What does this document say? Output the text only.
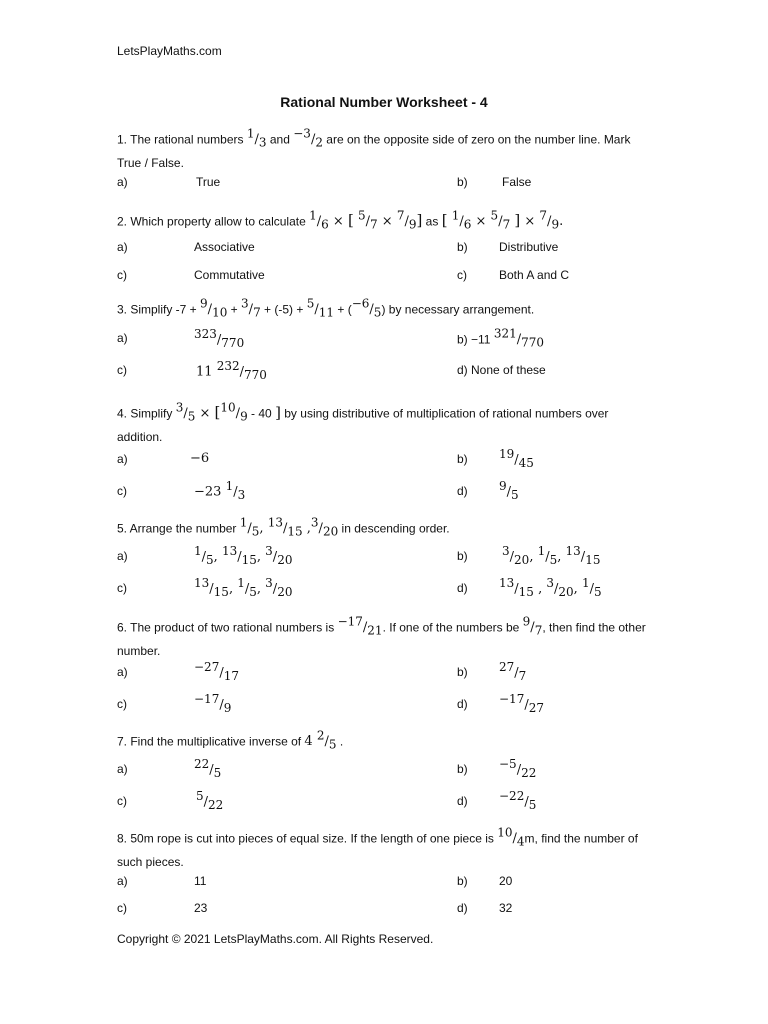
LetsPlayMaths.com
Rational Number Worksheet - 4
1. The rational numbers $^1/_3$ and $^{-3}/_2$ are on the opposite side of zero on the number line. Mark True / False.
a)	True	b)	False
2. Which property allow to calculate $^1/_6$ × [ $^5/_7 \times ^7/_9$] as [ $^1/_6 \times ^5/_7$ ] × $^7/_9$.
a)	Associative	b)	Distributive
c)	Commutative	c)	Both A and C
3. Simplify $-7 + ^9/_{10} + ^3/_7 + (-5) + ^5/_{11} + (^{-6}/_5)$ by necessary arrangement.
a)	$^{323}/_{770}$	b) −11 $^{321}/_{770}$
c)	11 $^{232}/_{770}$	d) None of these
4. Simplify $^3/_5 \times [^{10}/_9 - 40$ ] by using distributive of multiplication of rational numbers over addition.
a)	−6	b)	$^{19}/_{45}$
c)	−23 $^1/_3$	d)	$^9/_5$
5. Arrange the number $^1/_5$, $^{13}/_{15}$ $,^3/_{20}$ in descending order.
a)	$^1/_5$, $^{13}/_{15}$, $^3/_{20}$	b)	$^3/_{20}$, $^1/_5$, $^{13}/_{15}$
c)	$^{13}/_{15}$, $^1/_5$, $^3/_{20}$	d)	$^{13}/_{15}$ , $^3/_{20}$, $^1/_5$
6. The product of two rational numbers is $^{-17}/_{21}$. If one of the numbers be $^9/_7$, then find the other number.
a)	$^{-27}/_{17}$	b)	$^{27}/_7$
c)	$^{-17}/_9$	d)	$^{-17}/_{27}$
7. Find the multiplicative inverse of 4 $^2/_5$ .
a)	$^{22}/_5$	b)	$^{-5}/_{22}$
c)	$^5/_{22}$	d)	$^{-22}/_5$
8. 50m rope is cut into pieces of equal size. If the length of one piece is $^{10}/_4m$, find the number of such pieces.
a)	11	b)	20
c)	23	d)	32
Copyright © 2021 LetsPlayMaths.com. All Rights Reserved.
